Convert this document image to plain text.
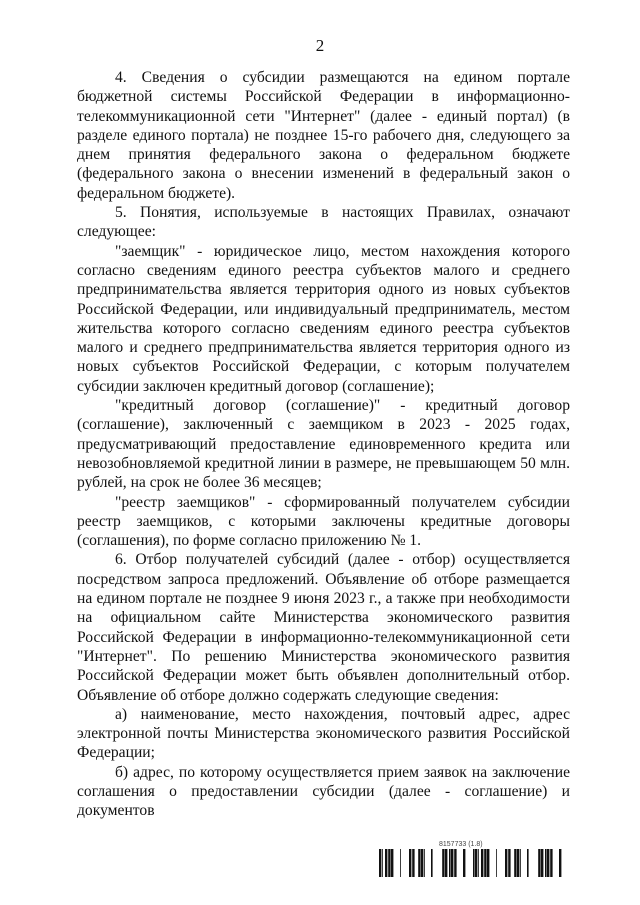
2

4. Сведения о субсидии размещаются на едином портале бюджетной системы Российской Федерации в информационно-телекоммуникационной сети "Интернет" (далее - единый портал) (в разделе единого портала) не позднее 15-го рабочего дня, следующего за днем принятия федерального закона о федеральном бюджете (федерального закона о внесении изменений в федеральный закон о федеральном бюджете).

5. Понятия, используемые в настоящих Правилах, означают следующее:

"заемщик" - юридическое лицо, местом нахождения которого согласно сведениям единого реестра субъектов малого и среднего предпринимательства является территория одного из новых субъектов Российской Федерации, или индивидуальный предприниматель, местом жительства которого согласно сведениям единого реестра субъектов малого и среднего предпринимательства является территория одного из новых субъектов Российской Федерации, с которым получателем субсидии заключен кредитный договор (соглашение);

"кредитный договор (соглашение)" - кредитный договор (соглашение), заключенный с заемщиком в 2023 - 2025 годах, предусматривающий предоставление единовременного кредита или невозобновляемой кредитной линии в размере, не превышающем 50 млн. рублей, на срок не более 36 месяцев;

"реестр заемщиков" - сформированный получателем субсидии реестр заемщиков, с которыми заключены кредитные договоры (соглашения), по форме согласно приложению № 1.

6. Отбор получателей субсидий (далее - отбор) осуществляется посредством запроса предложений. Объявление об отборе размещается на едином портале не позднее 9 июня 2023 г., а также при необходимости на официальном сайте Министерства экономического развития Российской Федерации в информационно-телекоммуникационной сети "Интернет". По решению Министерства экономического развития Российской Федерации может быть объявлен дополнительный отбор. Объявление об отборе должно содержать следующие сведения:

а) наименование, место нахождения, почтовый адрес, адрес электронной почты Министерства экономического развития Российской Федерации;

б) адрес, по которому осуществляется прием заявок на заключение соглашения о предоставлении субсидии (далее - соглашение) и документов

8157733 (1.8)
